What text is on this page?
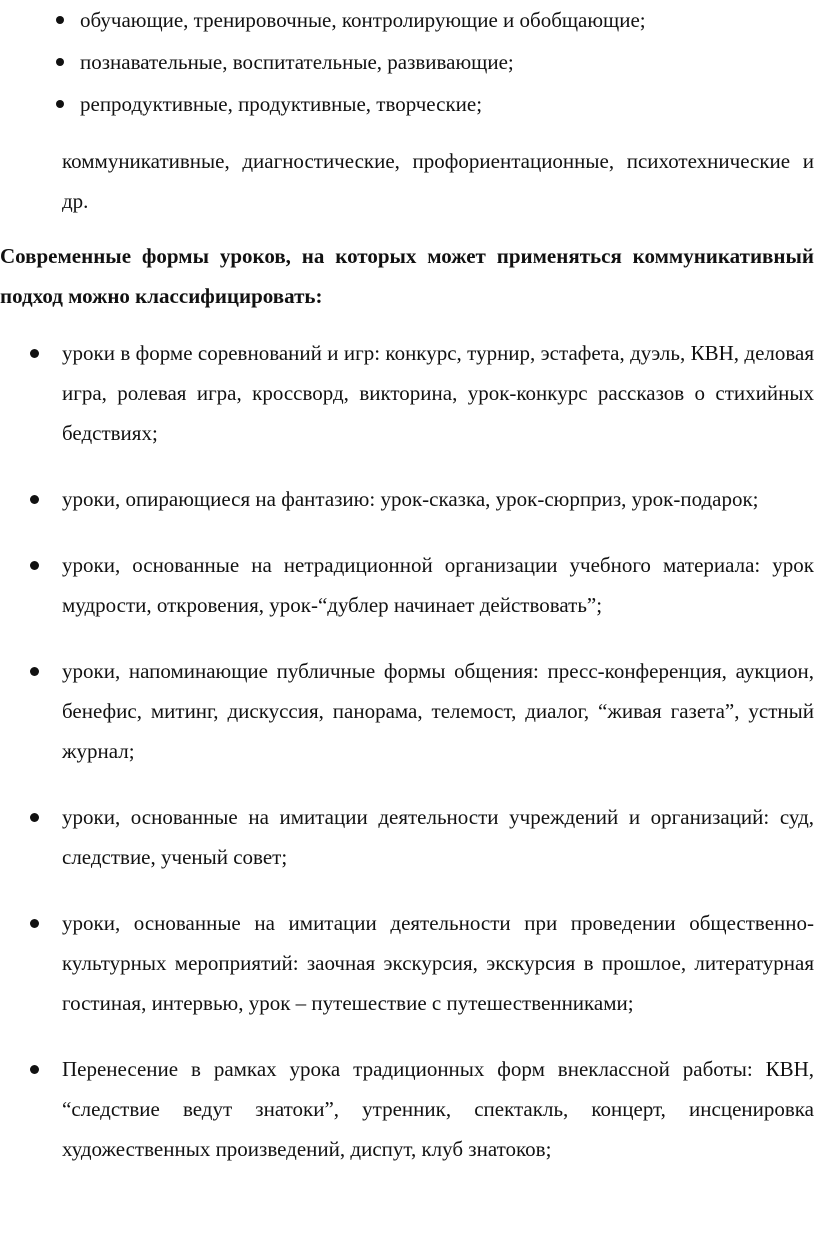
обучающие, тренировочные, контролирующие и обобщающие;
познавательные, воспитательные, развивающие;
репродуктивные, продуктивные, творческие;

коммуникативные, диагностические, профориентационные, психотехнические и др.

Современные формы уроков, на которых может применяться коммуникативный подход можно классифицировать:

уроки в форме соревнований и игр: конкурс, турнир, эстафета, дуэль, КВН, деловая игра, ролевая игра, кроссворд, викторина, урок-конкурс рассказов о стихийных бедствиях;
уроки, опирающиеся на фантазию: урок-сказка, урок-сюрприз, урок-подарок;
уроки, основанные на нетрадиционной организации учебного материала: урок мудрости, откровения, урок-“дублер начинает действовать”;
уроки, напоминающие публичные формы общения: пресс-конференция, аукцион, бенефис, митинг, дискуссия, панорама, телемост, диалог, “живая газета”, устный журнал;
уроки, основанные на имитации деятельности учреждений и организаций: суд, следствие, ученый совет;
уроки, основанные на имитации деятельности при проведении общественно-культурных мероприятий: заочная экскурсия, экскурсия в прошлое, литературная гостиная, интервью, урок – путешествие с путешественниками;
Перенесение в рамках урока традиционных форм внеклассной работы: КВН, “следствие ведут знатоки”, утренник, спектакль, концерт, инсценировка художественных произведений, диспут, клуб знатоков;
